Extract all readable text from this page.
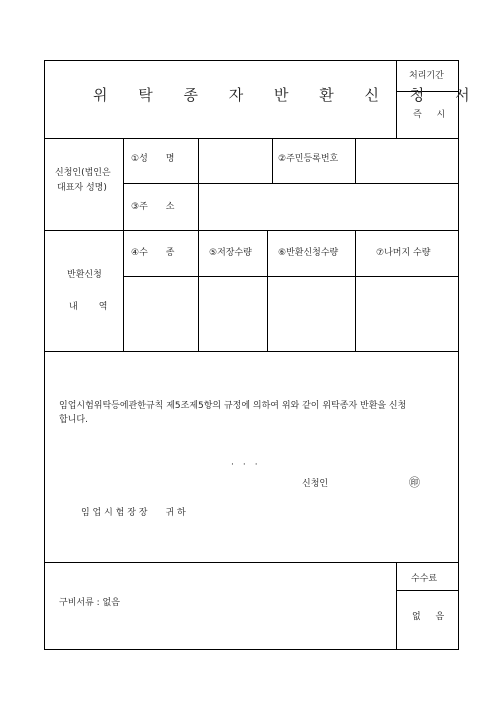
위 탁 종 자 반 환 신 청 서
처리기간
즉 시
신청인(법인은
대표자 성명)
①성　　명	②주민등록번호
③주　　소
반환신청
내　역
④수　　종	⑤저장수량	⑥반환신청수량	⑦나머지 수량
임업시험위탁등에관한규칙 제5조제5항의 규정에 의하여 위와 같이 위탁종자 반환을 신청
합니다.
·　·　·
신청인	㊞
임 업 시 험 장 장　　귀 하
구비서류 : 없음
수수료
없 음
